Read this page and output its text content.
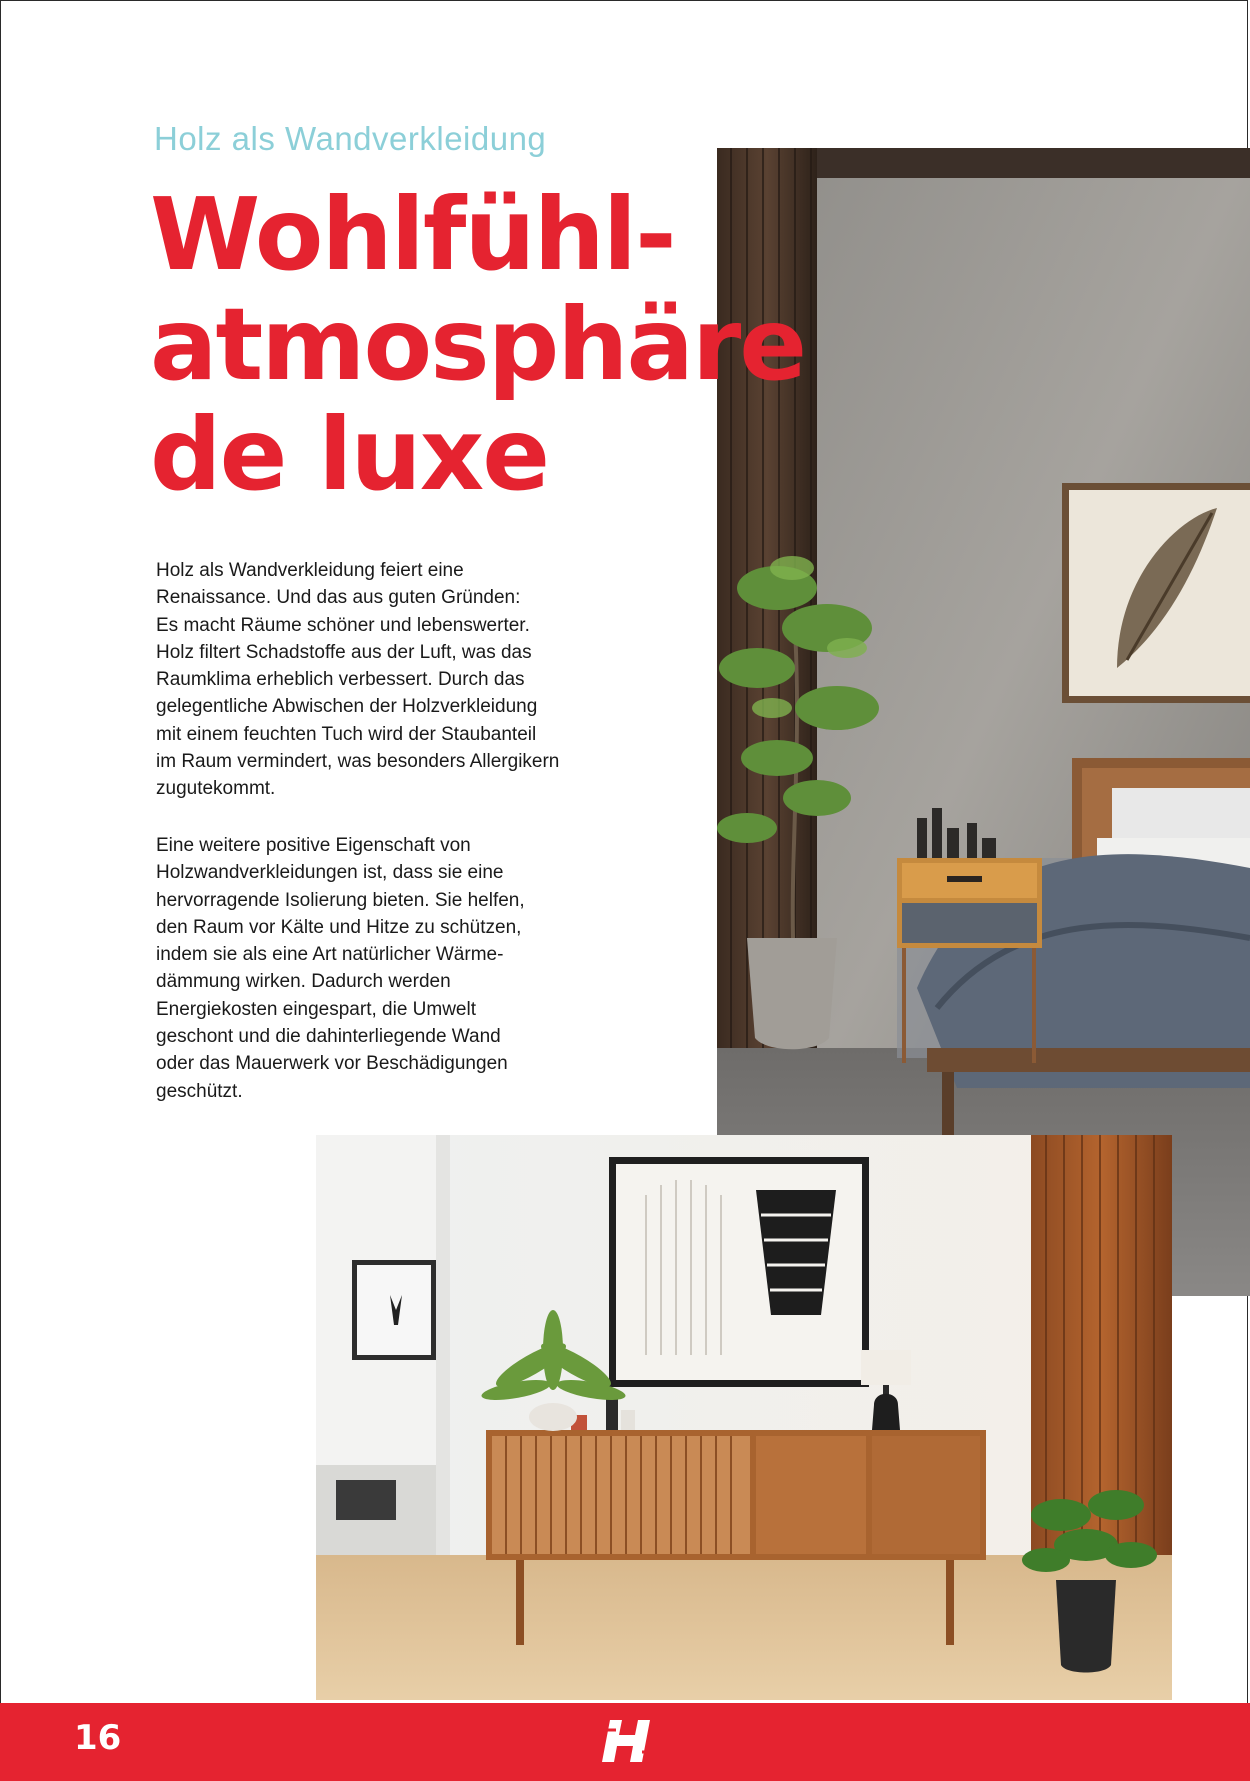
Holz als Wandverkleidung
Wohlfühl-
atmosphäre
de luxe
Holz als Wandverkleidung feiert eine
Renaissance. Und das aus guten Gründen:
Es macht Räume schöner und lebenswerter.
Holz filtert Schadstoffe aus der Luft, was das
Raumklima erheblich verbessert. Durch das
gelegentliche Abwischen der Holzverkleidung
mit einem feuchten Tuch wird der Staubanteil
im Raum vermindert, was besonders Allergikern
zugutekommt.
Eine weitere positive Eigenschaft von
Holzwandverkleidungen ist, dass sie eine
hervorragende Isolierung bieten. Sie helfen,
den Raum vor Kälte und Hitze zu schützen,
indem sie als eine Art natürlicher Wärme-
dämmung wirken. Dadurch werden
Energiekosten eingespart, die Umwelt
geschont und die dahinterliegende Wand
oder das Mauerwerk vor Beschädigungen
geschützt.
16
